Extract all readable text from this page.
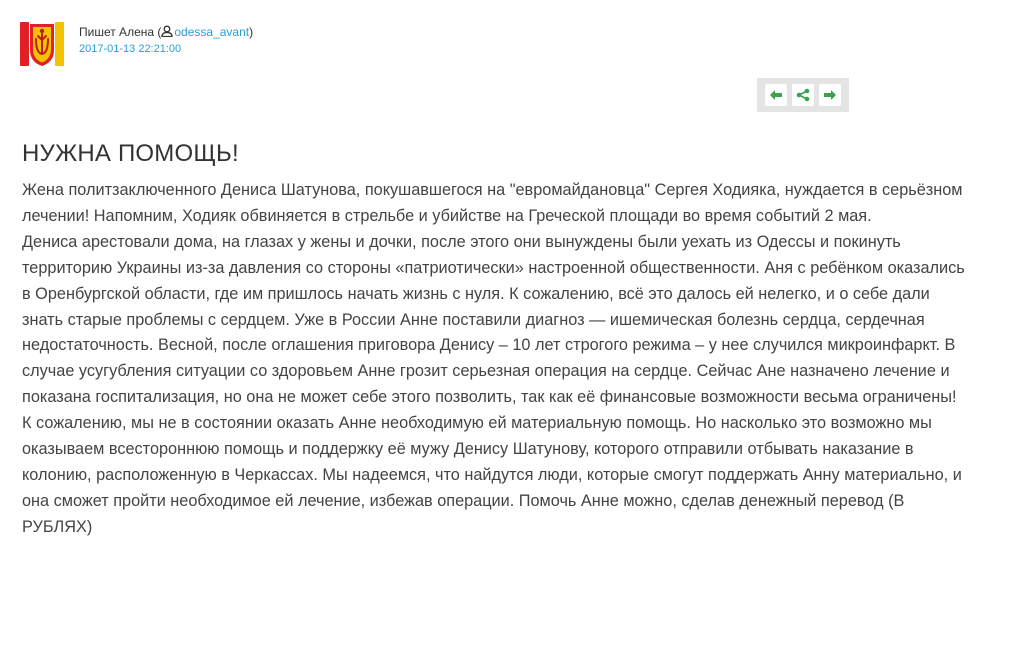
Пишет Алена ( odessa_avant)
2017-01-13 22:21:00
НУЖНА ПОМОЩЬ!

Жена политзаключенного Дениса Шатунова, покушавшегося на "евромайдановца" Сергея Ходияка, нуждается в серьёзном лечении! Напомним, Ходияк обвиняется в стрельбе и убийстве на Греческой площади во время событий 2 мая.

Дениса арестовали дома, на глазах у жены и дочки, после этого они вынуждены были уехать из Одессы и покинуть территорию Украины из-за давления со стороны «патриотически» настроенной общественности. Аня с ребёнком оказались в Оренбургской области, где им пришлось начать жизнь с нуля. К сожалению, всё это далось ей нелегко, и о себе дали знать старые проблемы с сердцем. Уже в России Анне поставили диагноз — ишемическая болезнь сердца, сердечная недостаточность. Весной, после оглашения приговора Денису – 10 лет строгого режима – у нее случился микроинфаркт. В случае усугубления ситуации со здоровьем Анне грозит серьезная операция на сердце. Сейчас Ане назначено лечение и показана госпитализация, но она не может себе этого позволить, так как её финансовые возможности весьма ограничены!

К сожалению, мы не в состоянии оказать Анне необходимую ей материальную помощь. Но насколько это возможно мы оказываем всестороннюю помощь и поддержку её мужу Денису Шатунову, которого отправили отбывать наказание в колонию, расположенную в Черкассах. Мы надеемся, что найдутся люди, которые смогут поддержать Анну материально, и она сможет пройти необходимое ей лечение, избежав операции. Помочь Анне можно, сделав денежный перевод (В РУБЛЯХ)
